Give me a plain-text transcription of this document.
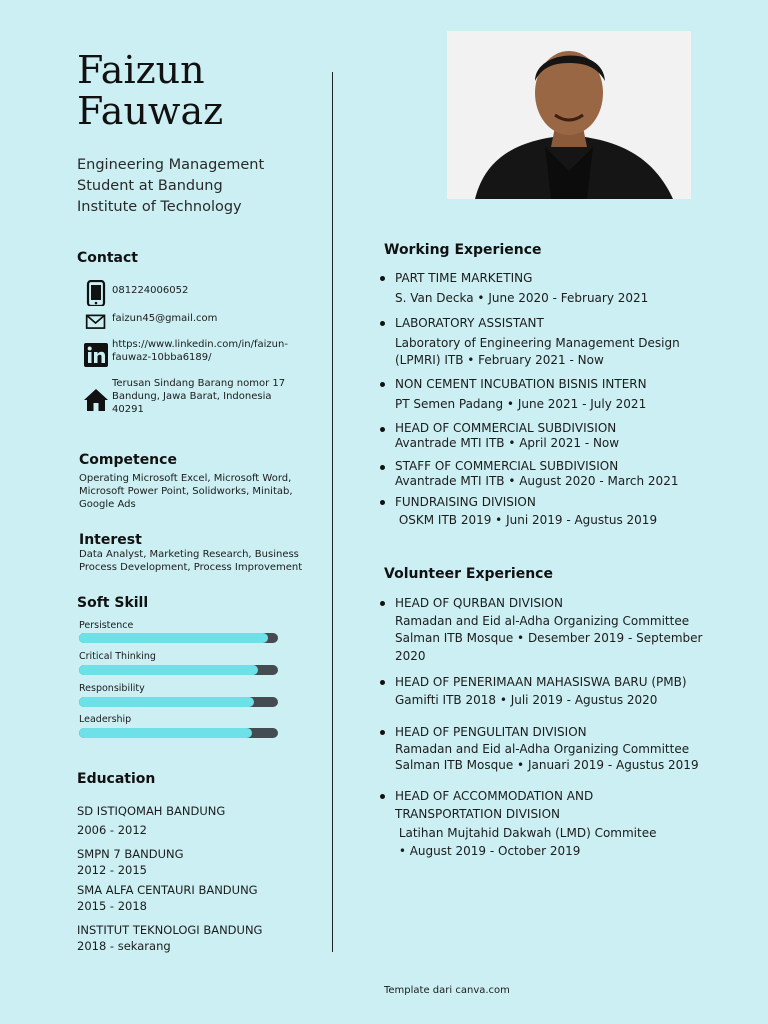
Faizun
Fauwaz
Engineering Management
Student at Bandung
Institute of Technology
Contact
081224006052
faizun45@gmail.com
https://www.linkedin.com/in/faizun-
fauwaz-10bba6189/
Terusan Sindang Barang nomor 17
Bandung, Jawa Barat, Indonesia
40291
Competence
Operating Microsoft Excel, Microsoft Word,
Microsoft Power Point, Solidworks, Minitab,
Google Ads
Interest
Data Analyst, Marketing Research, Business
Process Development, Process Improvement
Soft Skill
Persistence
Critical Thinking
Responsibility
Leadership
Education
SD ISTIQOMAH BANDUNG
2006 - 2012
SMPN 7 BANDUNG
2012 - 2015
SMA ALFA CENTAURI BANDUNG
2015 - 2018
INSTITUT TEKNOLOGI BANDUNG
2018 - sekarang
Working Experience
PART TIME MARKETING
S. Van Decka • June 2020 - February 2021
LABORATORY ASSISTANT
Laboratory of Engineering Management Design
(LPMRI) ITB • February 2021 - Now
NON CEMENT INCUBATION BISNIS INTERN
PT Semen Padang • June 2021 - July 2021
HEAD OF COMMERCIAL SUBDIVISION
Avantrade MTI ITB • April 2021 - Now
STAFF OF COMMERCIAL SUBDIVISION
Avantrade MTI ITB • August 2020 - March 2021
FUNDRAISING DIVISION
OSKM ITB 2019 • Juni 2019 - Agustus 2019
Volunteer Experience
HEAD OF QURBAN DIVISION
Ramadan and Eid al-Adha Organizing Committee
Salman ITB Mosque • Desember 2019 - September
2020
HEAD OF PENERIMAAN MAHASISWA BARU (PMB)
Gamifti ITB 2018 • Juli 2019 - Agustus 2020
HEAD OF PENGULITAN DIVISION
Ramadan and Eid al-Adha Organizing Committee
Salman ITB Mosque • Januari 2019 - Agustus 2019
HEAD OF ACCOMMODATION AND
TRANSPORTATION DIVISION
Latihan Mujtahid Dakwah (LMD) Commitee
• August 2019 - October 2019
Template dari canva.com
